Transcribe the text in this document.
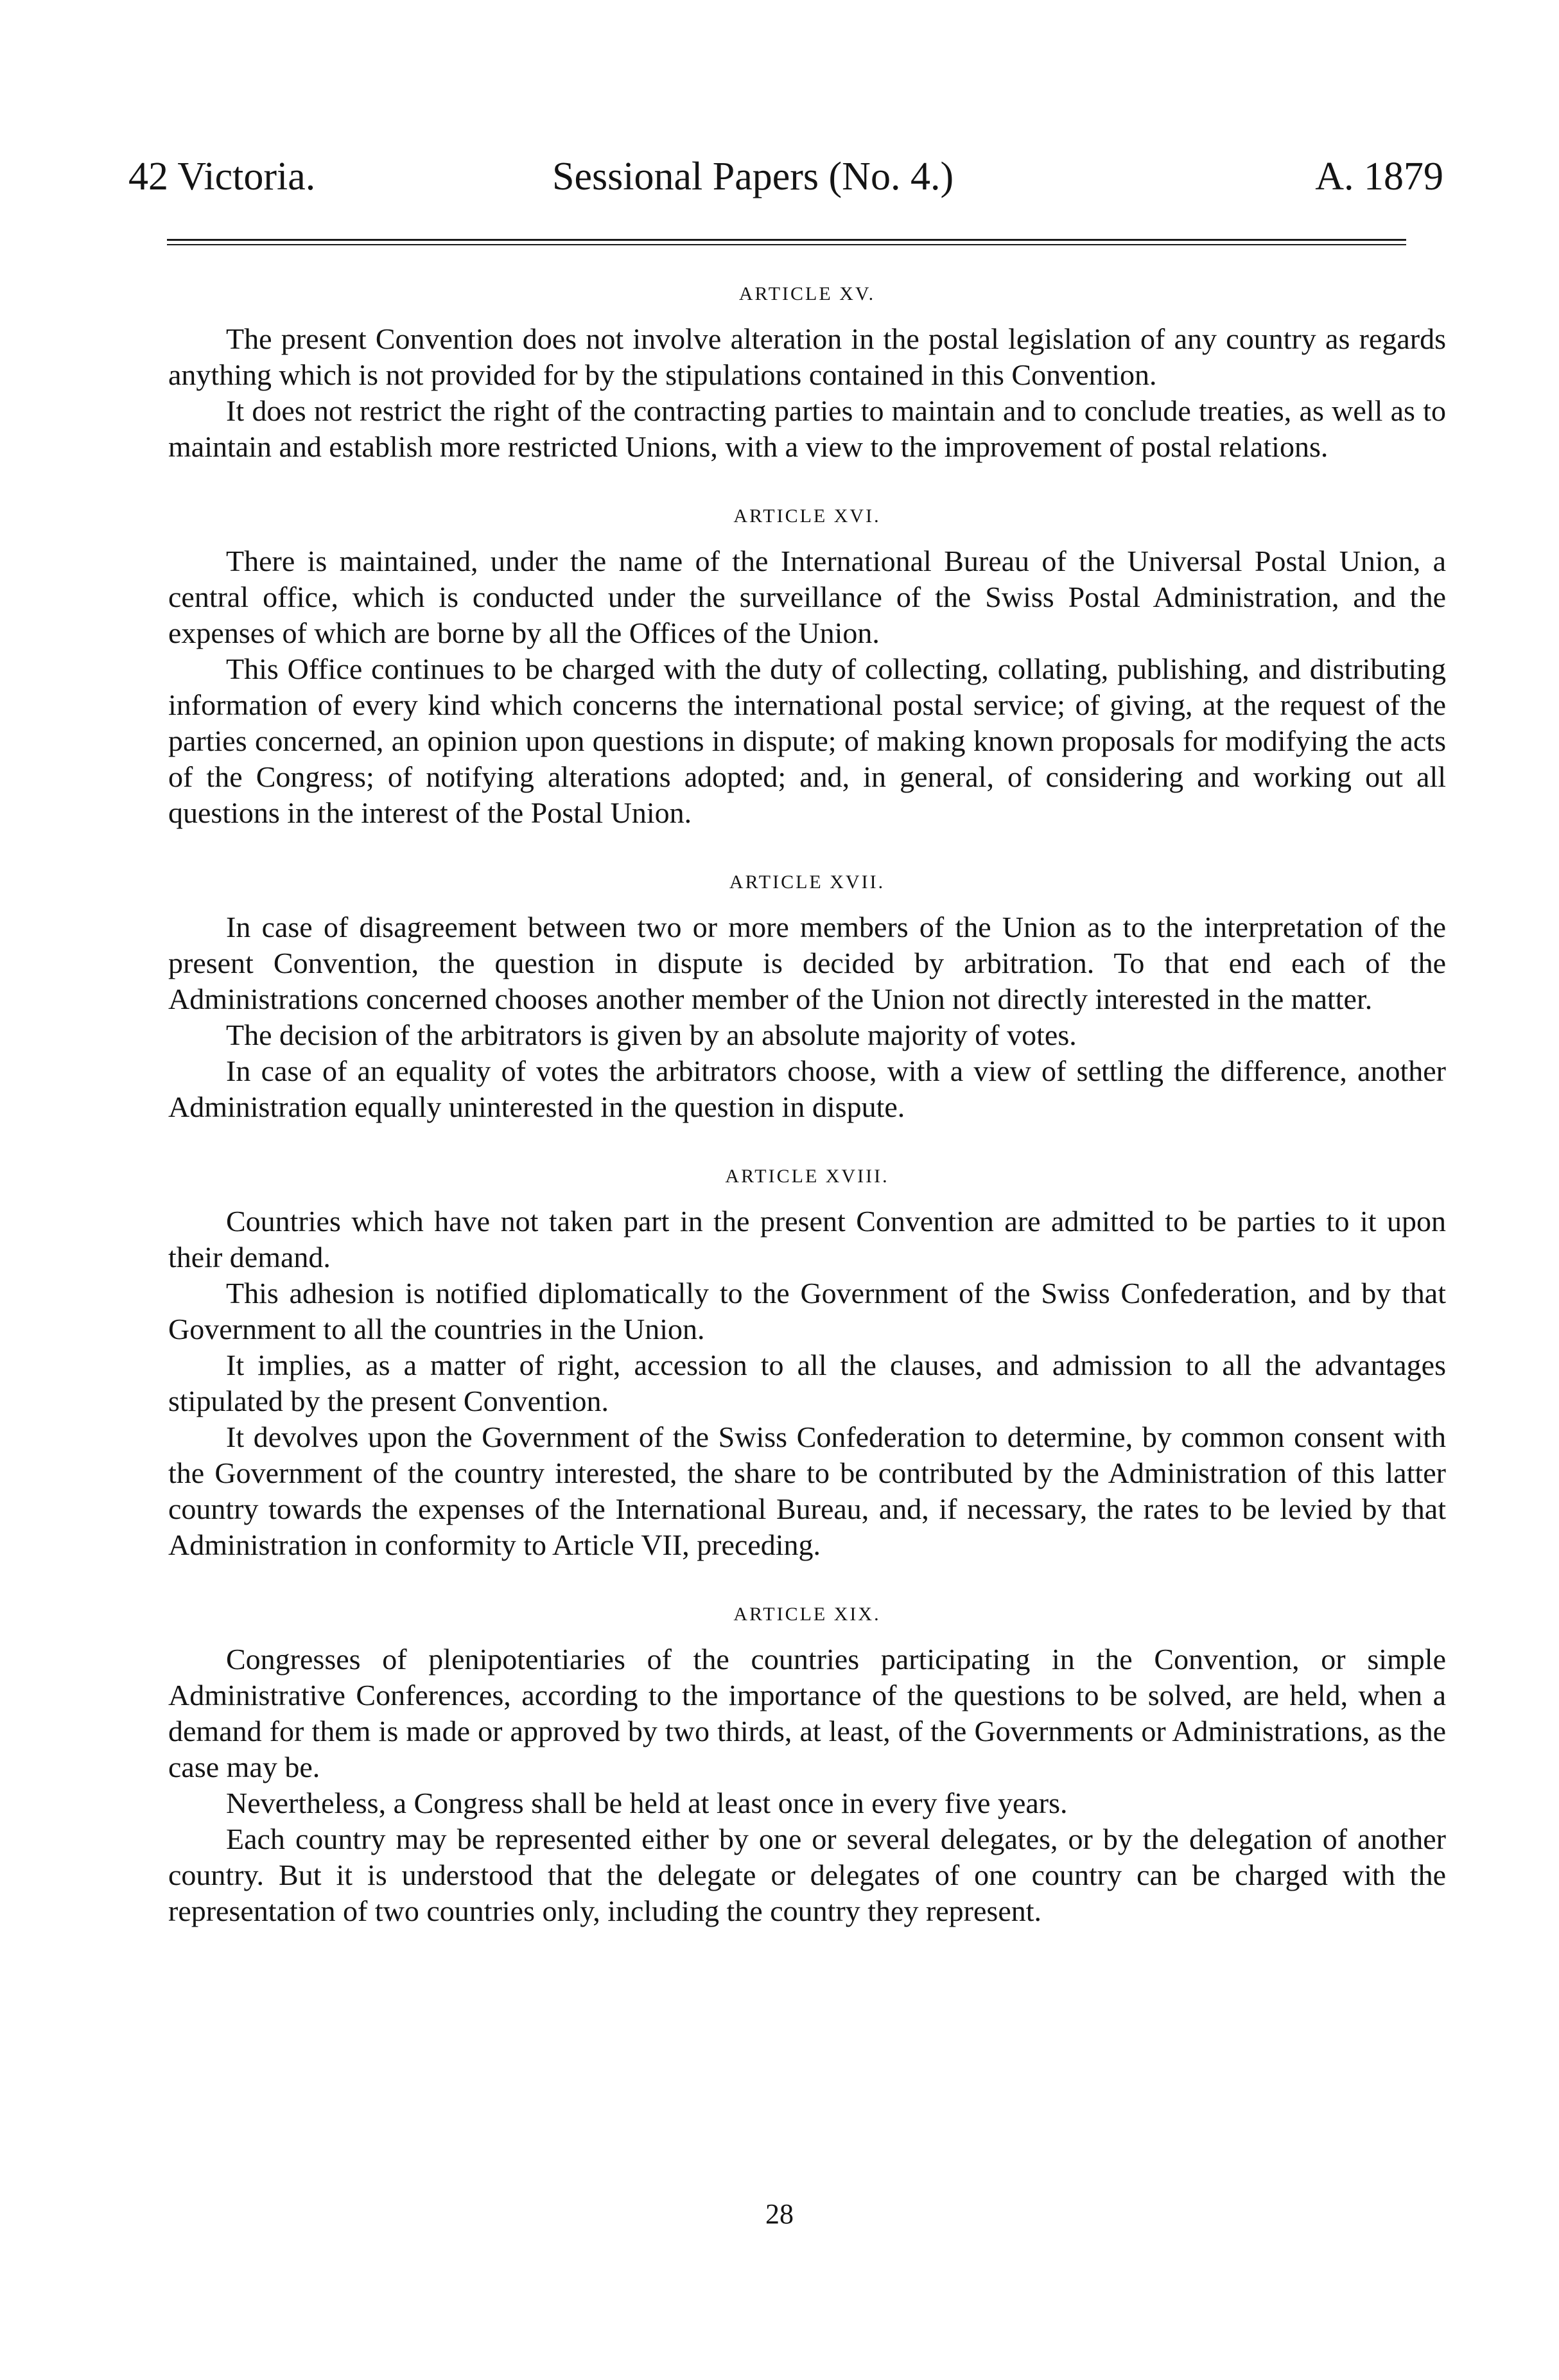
42 Victoria.	Sessional Papers (No. 4.)	A. 1879
ARTICLE XV.

The present Convention does not involve alteration in the postal legislation of any country as regards anything which is not provided for by the stipulations contained in this Convention.

It does not restrict the right of the contracting parties to maintain and to conclude treaties, as well as to maintain and establish more restricted Unions, with a view to the improvement of postal relations.

ARTICLE XVI.

There is maintained, under the name of the International Bureau of the Universal Postal Union, a central office, which is conducted under the surveillance of the Swiss Postal Administration, and the expenses of which are borne by all the Offices of the Union.

This Office continues to be charged with the duty of collecting, collating, publishing, and distributing information of every kind which concerns the international postal service; of giving, at the request of the parties concerned, an opinion upon questions in dispute; of making known proposals for modifying the acts of the Congress; of notifying alterations adopted; and, in general, of considering and working out all questions in the interest of the Postal Union.

ARTICLE XVII.

In case of disagreement between two or more members of the Union as to the interpretation of the present Convention, the question in dispute is decided by arbitration. To that end each of the Administrations concerned chooses another member of the Union not directly interested in the matter.

The decision of the arbitrators is given by an absolute majority of votes.

In case of an equality of votes the arbitrators choose, with a view of settling the difference, another Administration equally uninterested in the question in dispute.

ARTICLE XVIII.

Countries which have not taken part in the present Convention are admitted to be parties to it upon their demand.

This adhesion is notified diplomatically to the Government of the Swiss Confederation, and by that Government to all the countries in the Union.

It implies, as a matter of right, accession to all the clauses, and admission to all the advantages stipulated by the present Convention.

It devolves upon the Government of the Swiss Confederation to determine, by common consent with the Government of the country interested, the share to be contributed by the Administration of this latter country towards the expenses of the International Bureau, and, if necessary, the rates to be levied by that Administration in conformity to Article VII, preceding.

ARTICLE XIX.

Congresses of plenipotentiaries of the countries participating in the Convention, or simple Administrative Conferences, according to the importance of the questions to be solved, are held, when a demand for them is made or approved by two thirds, at least, of the Governments or Administrations, as the case may be.

Nevertheless, a Congress shall be held at least once in every five years.

Each country may be represented either by one or several delegates, or by the delegation of another country. But it is understood that the delegate or delegates of one country can be charged with the representation of two countries only, including the country they represent.

28
